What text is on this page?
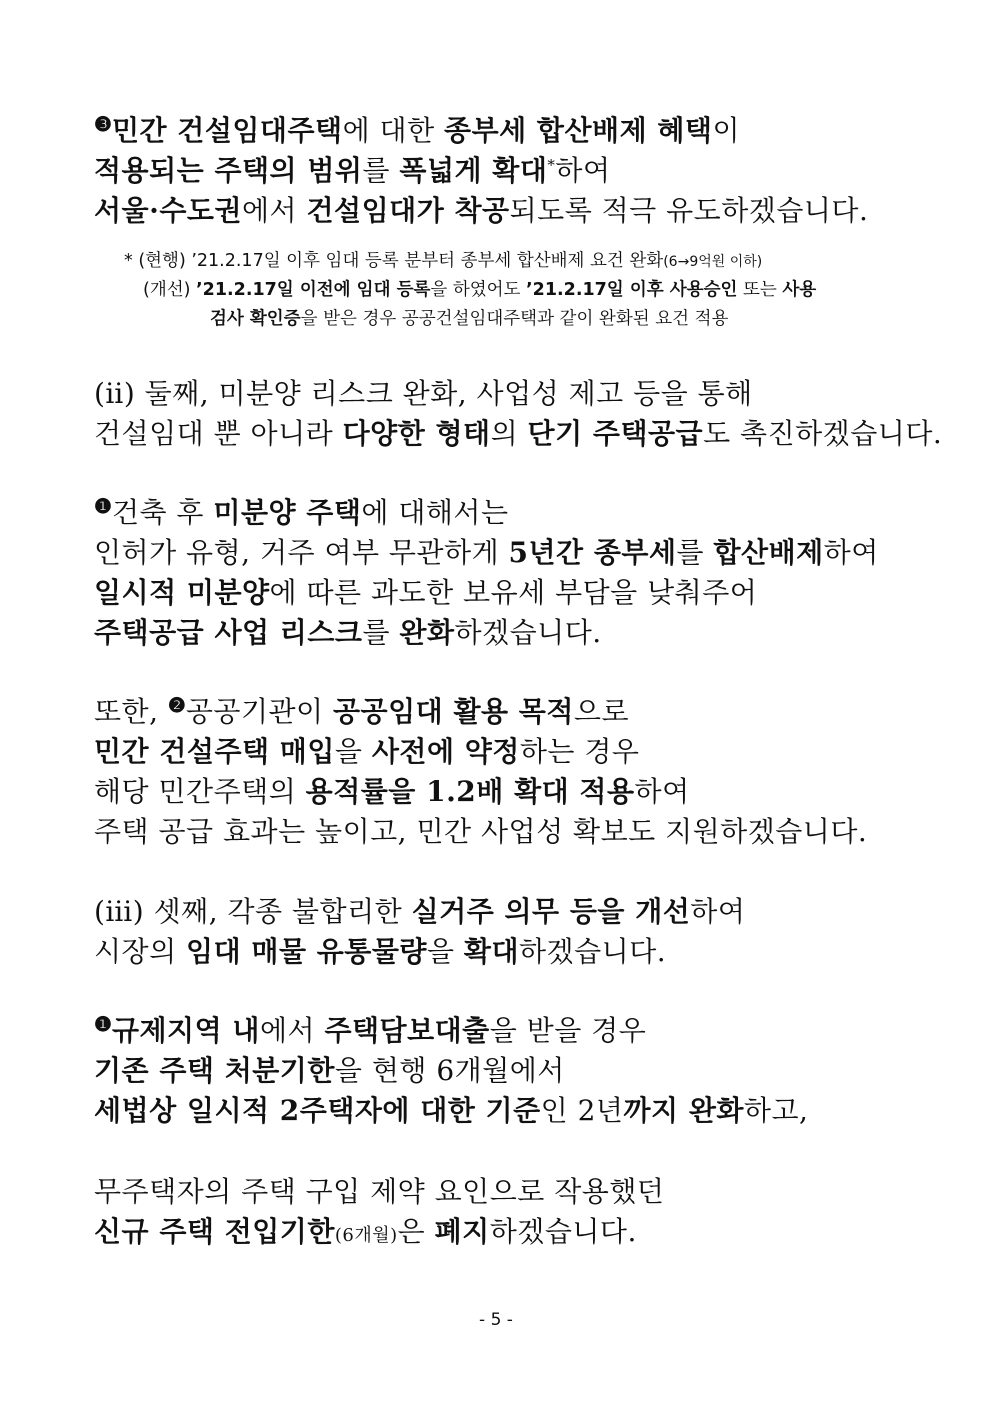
$^❸$민간 건설임대주택에 대한 종부세 합산배제 혜택이
적용되는 주택의 범위를 폭넓게 확대*하여
서울·수도권에서 건설임대가 착공되도록 적극 유도하겠습니다.
* (현행) ’21.2.17일 이후 임대 등록 분부터 종부세 합산배제 요건 완화(6→9억원 이하)
(개선) ’21.2.17일 이전에 임대 등록을 하였어도 ’21.2.17일 이후 사용승인 또는 사용
검사 확인증을 받은 경우 공공건설임대주택과 같이 완화된 요건 적용
(ⅱ) 둘째, 미분양 리스크 완화, 사업성 제고 등을 통해
건설임대 뿐 아니라 다양한 형태의 단기 주택공급도 촉진하겠습니다.
$^❶$건축 후 미분양 주택에 대해서는
인허가 유형, 거주 여부 무관하게 5년간 종부세를 합산배제하여
일시적 미분양에 따른 과도한 보유세 부담을 낮춰주어
주택공급 사업 리스크를 완화하겠습니다.
또한, $^❷$공공기관이 공공임대 활용 목적으로
민간 건설주택 매입을 사전에 약정하는 경우
해당 민간주택의 용적률을 1.2배 확대 적용하여
주택 공급 효과는 높이고, 민간 사업성 확보도 지원하겠습니다.
(ⅲ) 셋째, 각종 불합리한 실거주 의무 등을 개선하여
시장의 임대 매물 유통물량을 확대하겠습니다.
$^❶$규제지역 내에서 주택담보대출을 받을 경우
기존 주택 처분기한을 현행 6개월에서
세법상 일시적 2주택자에 대한 기준인 2년까지 완화하고,
무주택자의 주택 구입 제약 요인으로 작용했던
신규 주택 전입기한(6개월)은 폐지하겠습니다.
- 5 -
